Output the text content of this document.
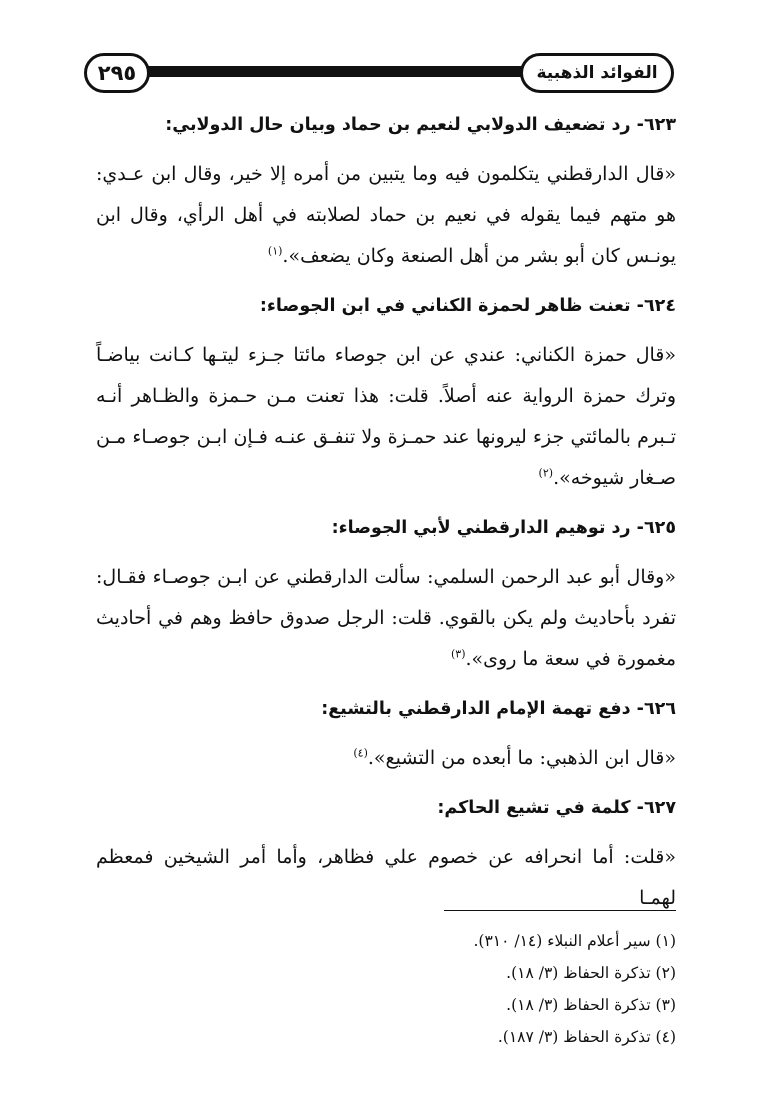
٢٩٥	الفوائد الذهبية
٦٢٣- رد تضعيف الدولابي لنعيم بن حماد وبيان حال الدولابي:

«قال الدارقطني يتكلمون فيه وما يتبين من أمره إلا خير، وقال ابن عـدي: هو متهم فيما يقوله في نعيم بن حماد لصلابته في أهل الرأي، وقال ابن يونـس كان أبو بشر من أهل الصنعة وكان يضعف».$^{(١)}$

٦٢٤- تعنت ظاهر لحمزة الكناني في ابن الجوصاء:

«قال حمزة الكناني: عندي عن ابن جوصاء مائتا جـزء ليتـها كـانت بياضـاً وترك حمزة الرواية عنه أصلاً. قلت: هذا تعنت مـن حـمزة والظـاهر أنـه تـبرم بالمائتي جزء ليرونها عند حمـزة ولا تنفـق عنـه فـإن ابـن جوصـاء مـن صـغار شيوخه».$^{(٢)}$

٦٢٥- رد توهيم الدارقطني لأبي الجوصاء:

«وقال أبو عبد الرحمن السلمي: سألت الدارقطني عن ابـن جوصـاء فقـال: تفرد بأحاديث ولم يكن بالقوي. قلت: الرجل صدوق حافظ وهم في أحاديث مغمورة في سعة ما روى».$^{(٣)}$

٦٢٦- دفع تهمة الإمام الدارقطني بالتشيع:

«قال ابن الذهبي: ما أبعده من التشيع».$^{(٤)}$

٦٢٧- كلمة في تشيع الحاكم:

«قلت: أما انحرافه عن خصوم علي فظاهر، وأما أمر الشيخين فمعظم لهمـا

(١) سير أعلام النبلاء (١٤/ ٣١٠).
(٢) تذكرة الحفاظ (٣/ ١٨).
(٣) تذكرة الحفاظ (٣/ ١٨).
(٤) تذكرة الحفاظ (٣/ ١٨٧).
